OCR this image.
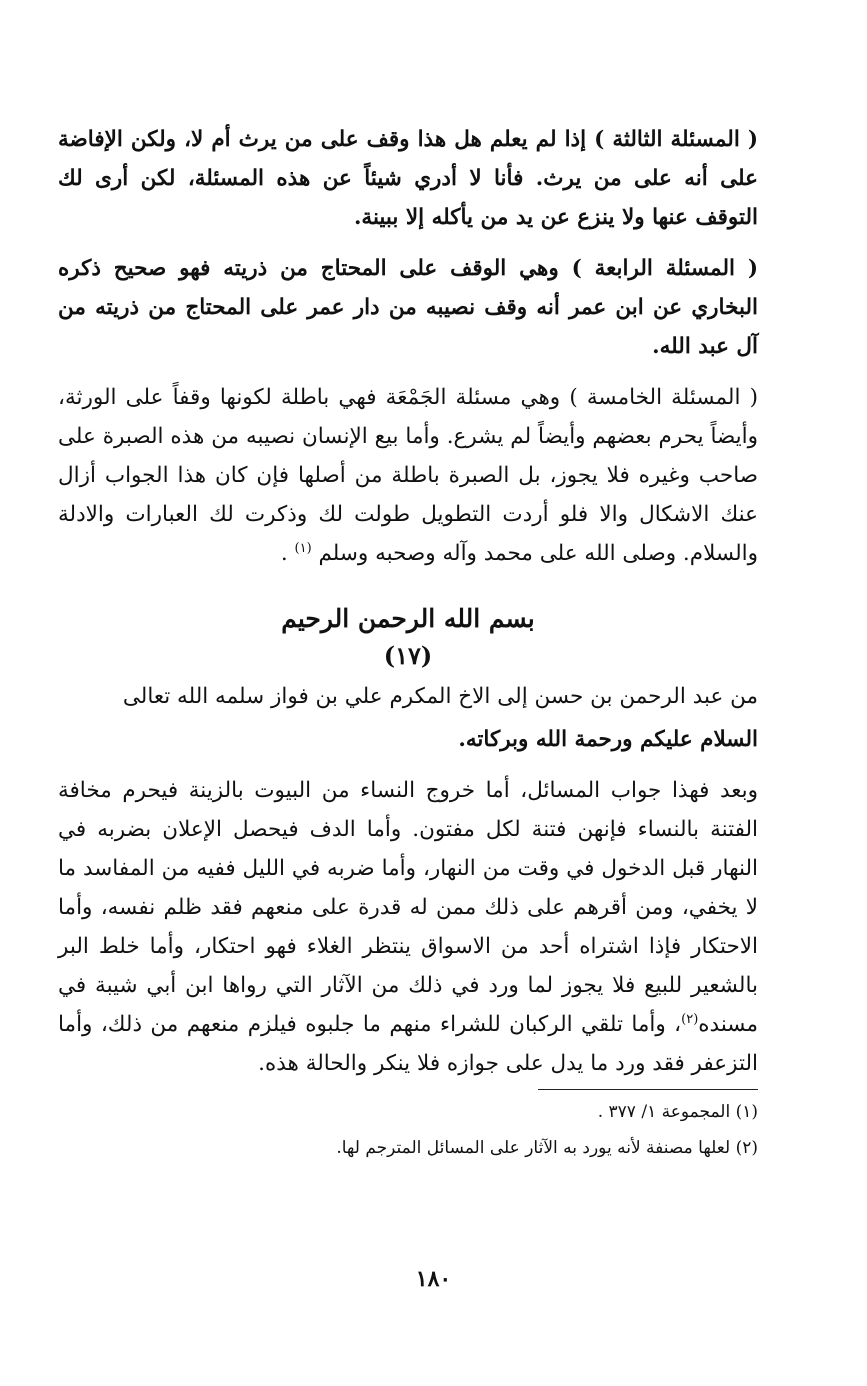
( المسئلة الثالثة ) إذا لم يعلم هل هذا وقف على من يرث أم لا، ولكن الإفاضة على أنه على من يرث. فأنا لا أدري شيئاً عن هذه المسئلة، لكن أرى لك التوقف عنها ولا ينزع عن يد من يأكله إلا ببينة.

( المسئلة الرابعة ) وهي الوقف على المحتاج من ذريته فهو صحيح ذكره البخاري عن ابن عمر أنه وقف نصيبه من دار عمر على المحتاج من ذريته من آل عبد الله.

( المسئلة الخامسة ) وهي مسئلة الجَمْعَة فهي باطلة لكونها وقفاً على الورثة، وأيضاً يحرم بعضهم وأيضاً لم يشرع. وأما بيع الإنسان نصيبه من هذه الصبرة على صاحب وغيره فلا يجوز، بل الصبرة باطلة من أصلها فإن كان هذا الجواب أزال عنك الاشكال والا فلو أردت التطويل طولت لك وذكرت لك العبارات والادلة والسلام. وصلى الله على محمد وآله وصحبه وسلم $^{(١)}$ .

بسم الله الرحمن الرحيم

(١٧)

من عبد الرحمن بن حسن إلى الاخ المكرم علي بن فواز سلمه الله تعالى

السلام عليكم ورحمة الله وبركاته.

وبعد فهذا جواب المسائل، أما خروج النساء من البيوت بالزينة فيحرم مخافة الفتنة بالنساء فإنهن فتنة لكل مفتون. وأما الدف فيحصل الإعلان بضربه في النهار قبل الدخول في وقت من النهار، وأما ضربه في الليل ففيه من المفاسد ما لا يخفي، ومن أقرهم على ذلك ممن له قدرة على منعهم فقد ظلم نفسه، وأما الاحتكار فإذا اشتراه أحد من الاسواق ينتظر الغلاء فهو احتكار، وأما خلط البر بالشعير للبيع فلا يجوز لما ورد في ذلك من الآثار التي رواها ابن أبي شيبة في مسنده$^{(٢)}$، وأما تلقي الركبان للشراء منهم ما جلبوه فيلزم منعهم من ذلك، وأما التزعفر فقد ورد ما يدل على جوازه فلا ينكر والحالة هذه.

(١) المجموعة ١/ ٣٧٧ .

(٢) لعلها مصنفة لأنه يورد به الآثار على المسائل المترجم لها.

١٨٠
